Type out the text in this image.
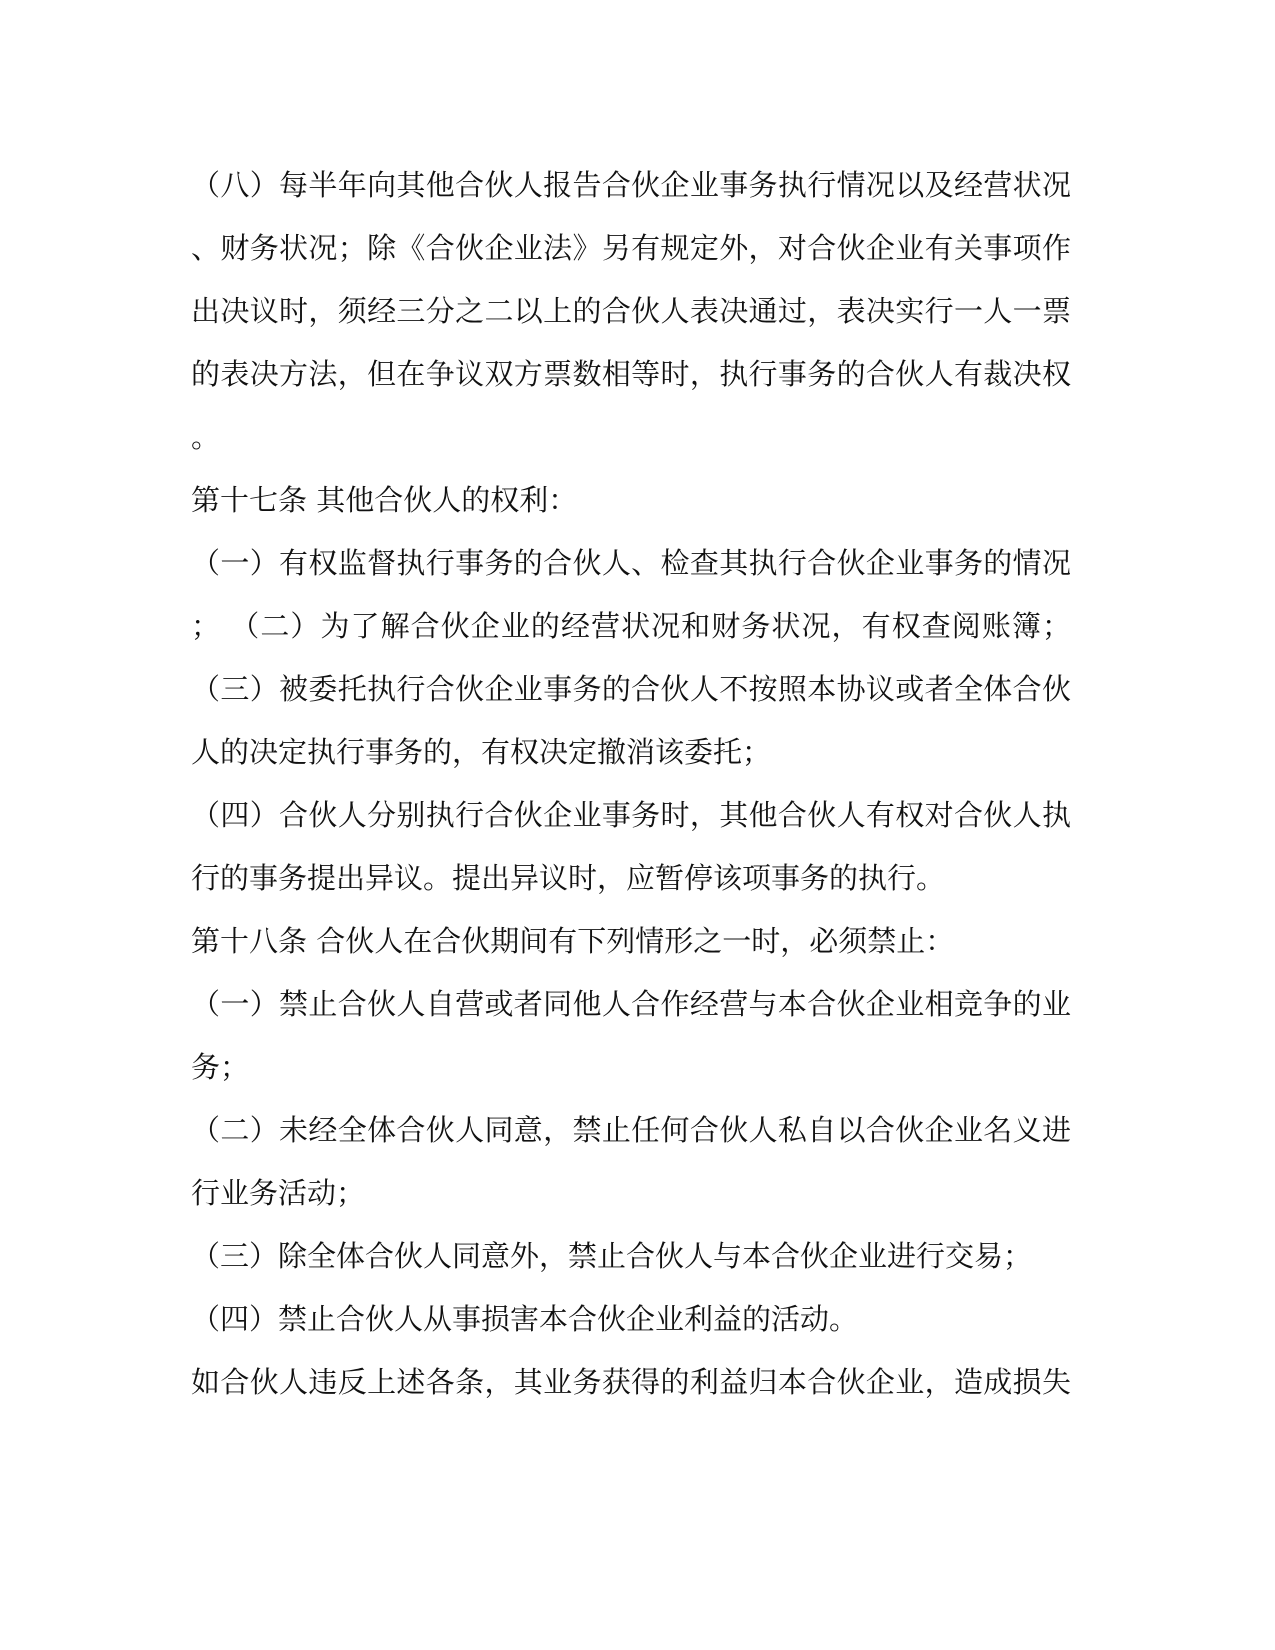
（八）每半年向其他合伙人报告合伙企业事务执行情况以及经营状况
、财务状况；除《合伙企业法》另有规定外，对合伙企业有关事项作
出决议时，须经三分之二以上的合伙人表决通过，表决实行一人一票
的表决方法，但在争议双方票数相等时，执行事务的合伙人有裁决权
。
第十七条 其他合伙人的权利：
（一）有权监督执行事务的合伙人、检查其执行合伙企业事务的情况
； （二）为了解合伙企业的经营状况和财务状况，有权查阅账簿；
（三）被委托执行合伙企业事务的合伙人不按照本协议或者全体合伙
人的决定执行事务的，有权决定撤消该委托；
（四）合伙人分别执行合伙企业事务时，其他合伙人有权对合伙人执
行的事务提出异议。提出异议时，应暂停该项事务的执行。
第十八条 合伙人在合伙期间有下列情形之一时，必须禁止：
（一）禁止合伙人自营或者同他人合作经营与本合伙企业相竞争的业
务；
（二）未经全体合伙人同意，禁止任何合伙人私自以合伙企业名义进
行业务活动；
（三）除全体合伙人同意外，禁止合伙人与本合伙企业进行交易；
（四）禁止合伙人从事损害本合伙企业利益的活动。
如合伙人违反上述各条，其业务获得的利益归本合伙企业，造成损失
